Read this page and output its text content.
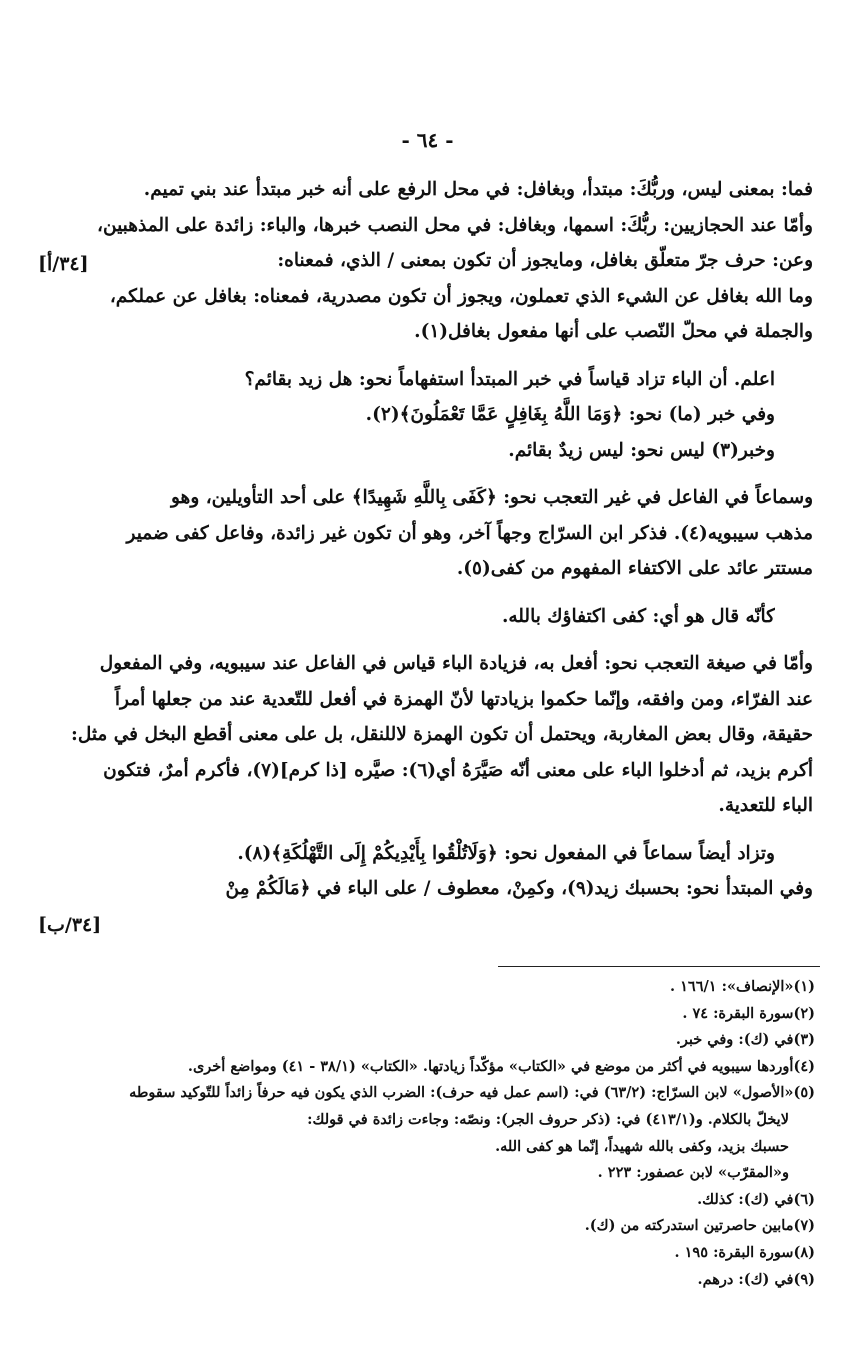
- ٦٤ -

فما: بمعنى ليس، وربُّكَ: مبتدأ، وبغافل: في محل الرفع على أنه خبر مبتدأ عند بني تميم.
وأمّا عند الحجازيين: ربُّكَ: اسمها، وبغافل: في محل النصب خبرها، والباء: زائدة على المذهبين،
وعن: حرف جرّ متعلّق بغافل، ومايجوز أن تكون بمعنى / الذي، فمعناه:
وما الله بغافل عن الشيء الذي تعملون، ويجوز أن تكون مصدرية، فمعناه: بغافل عن عملكم،
والجملة في محلّ النّصب على أنها مفعول بغافل(١).

اعلم. أن الباء تزاد قياساً في خبر المبتدأ استفهاماً نحو: هل زيد بقائم؟

وفي خبر (ما) نحو: ﴿وَمَا اللَّهُ بِغَافِلٍ عَمَّا تَعْمَلُونَ﴾(٢).

وخبر(٣) ليس نحو: ليس زيدٌ بقائم.

وسماعاً في الفاعل في غير التعجب نحو: ﴿كَفَى بِاللَّهِ شَهِيدًا﴾ على أحد التأويلين، وهو
مذهب سيبويه(٤). فذكر ابن السرّاج وجهاً آخر، وهو أن تكون غير زائدة، وفاعل كفى ضمير
مستتر عائد على الاكتفاء المفهوم من كفى(٥).

كأنّه قال هو أي: كفى اكتفاؤك بالله.

وأمّا في صيغة التعجب نحو: أفعل به، فزيادة الباء قياس في الفاعل عند سيبويه، وفي المفعول
عند الفرّاء، ومن وافقه، وإنّما حكموا بزيادتها لأنّ الهمزة في أفعل للتّعدية عند من جعلها أمراً
حقيقة، وقال بعض المغاربة، ويحتمل أن تكون الهمزة لاللنقل، بل على معنى أقطع البخل في مثل:
أكرم بزيد، ثم أدخلوا الباء على معنى أنّه صَيَّرَهُ أي(٦): صيَّره [ذا كرم](٧)، فأكرم أمرٌ، فتكون
الباء للتعدية.

وتزاد أيضاً سماعاً في المفعول نحو: ﴿وَلَاتُلْقُوا بِأَيْدِيكُمْ إِلَى التَّهْلُكَةِ﴾(٨).

وفي المبتدأ نحو: بحسبك زيد(٩)، وكمِنْ، معطوف / على الباء في ﴿مَالَكُمْ مِنْ

(١)«الإنصاف»: ١٦٦/١ .

(٢)سورة البقرة: ٧٤ .

(٣)في (ك): وفي خبر.

(٤)أوردها سيبويه في أكثر من موضع في «الكتاب» مؤكّداً زيادتها. «الكتاب» (٣٨/١ - ٤١) ومواضع أخرى.

(٥)«الأصول» لابن السرّاج: (٦٣/٢) في: (اسم عمل فيه حرف): الضرب الذي يكون فيه حرفاً زائداً للتّوكيد سقوطه

لايخلّ بالكلام. و(٤١٣/١) في: (ذكر حروف الجر): ونصّه: وجاءت زائدة في قولك:

حسبك بزيد، وكفى بالله شهيداً، إنّما هو كفى الله.

و«المقرّب» لابن عصفور: ٢٢٣ .

(٦)في (ك): كذلك.

(٧)مابين حاصرتين استدركته من (ك).

(٨)سورة البقرة: ١٩٥ .

(٩)في (ك): درهم.

[٣٤/أ]
[٣٤/ب]
